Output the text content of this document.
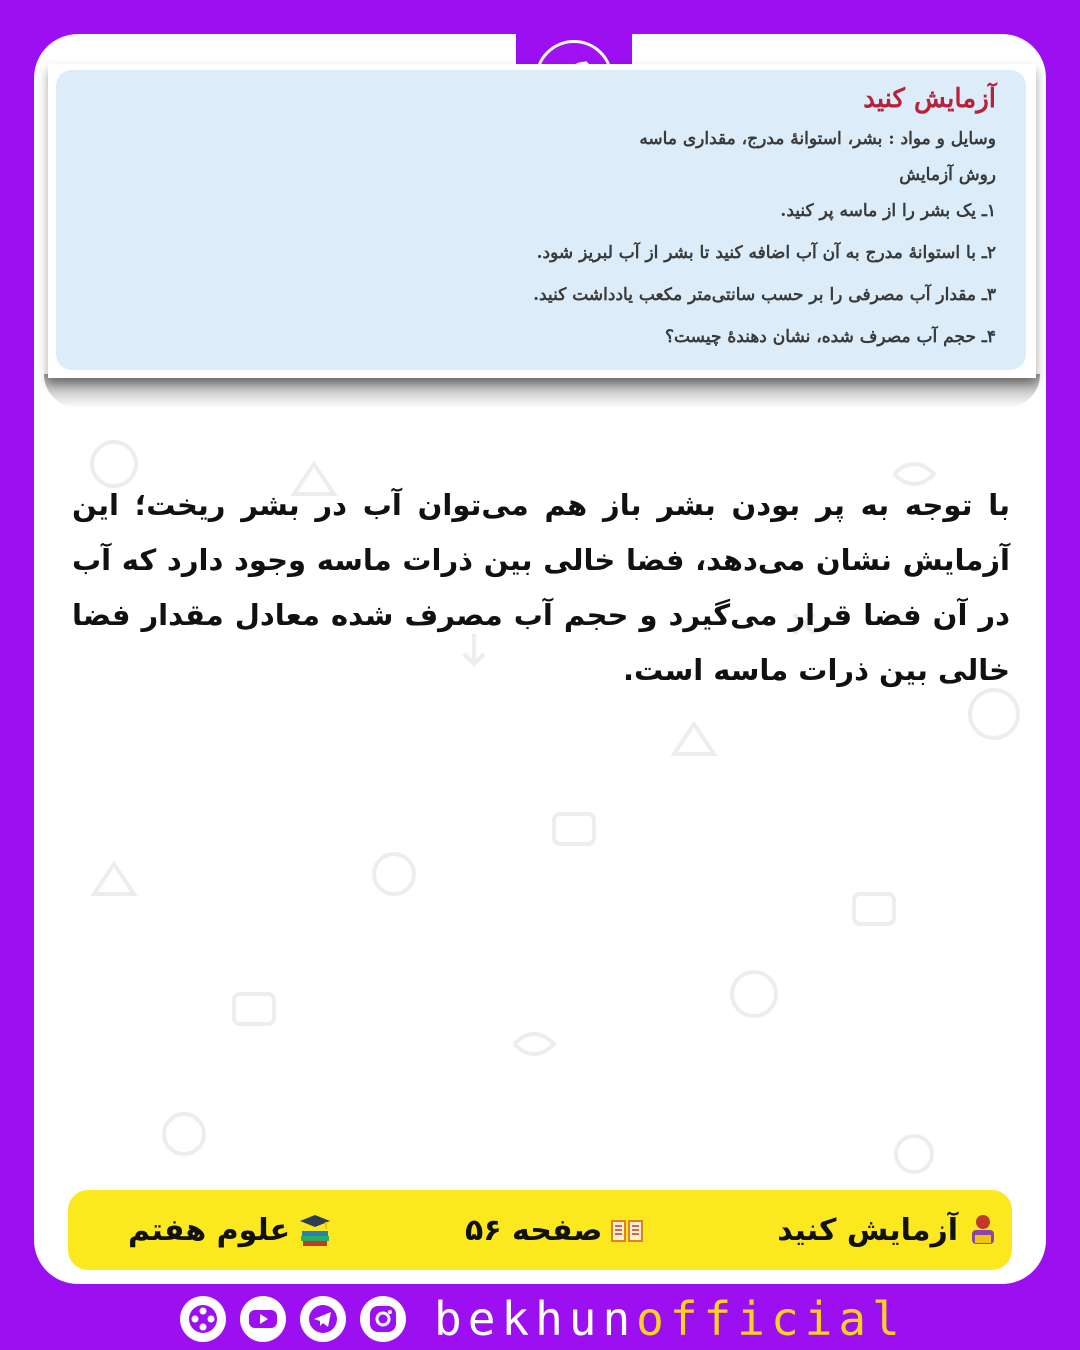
آزمایش کنید
وسایل و مواد : بشر، استوانهٔ مدرج، مقداری ماسه
روش آزمایش
۱ـ یک بشر را از ماسه پر کنید.
۲ـ با استوانهٔ مدرج به آن آب اضافه کنید تا بشر از آب لبریز شود.
۳ـ مقدار آب مصرفی را بر حسب سانتی‌متر مکعب یادداشت کنید.
۴ـ حجم آب مصرف شده، نشان دهندهٔ چیست؟
با توجه به پر بودن بشر باز هم می‌توان آب در بشر ریخت؛ این آزمایش نشان می‌دهد، فضا خالی بین ذرات ماسه وجود دارد که آب در آن فضا قرار می‌گیرد و حجم آب مصرف شده معادل مقدار فضا خالی بین ذرات ماسه است.
آزمایش کنید
صفحه ۵۶
علوم هفتم
bekhunofficial
